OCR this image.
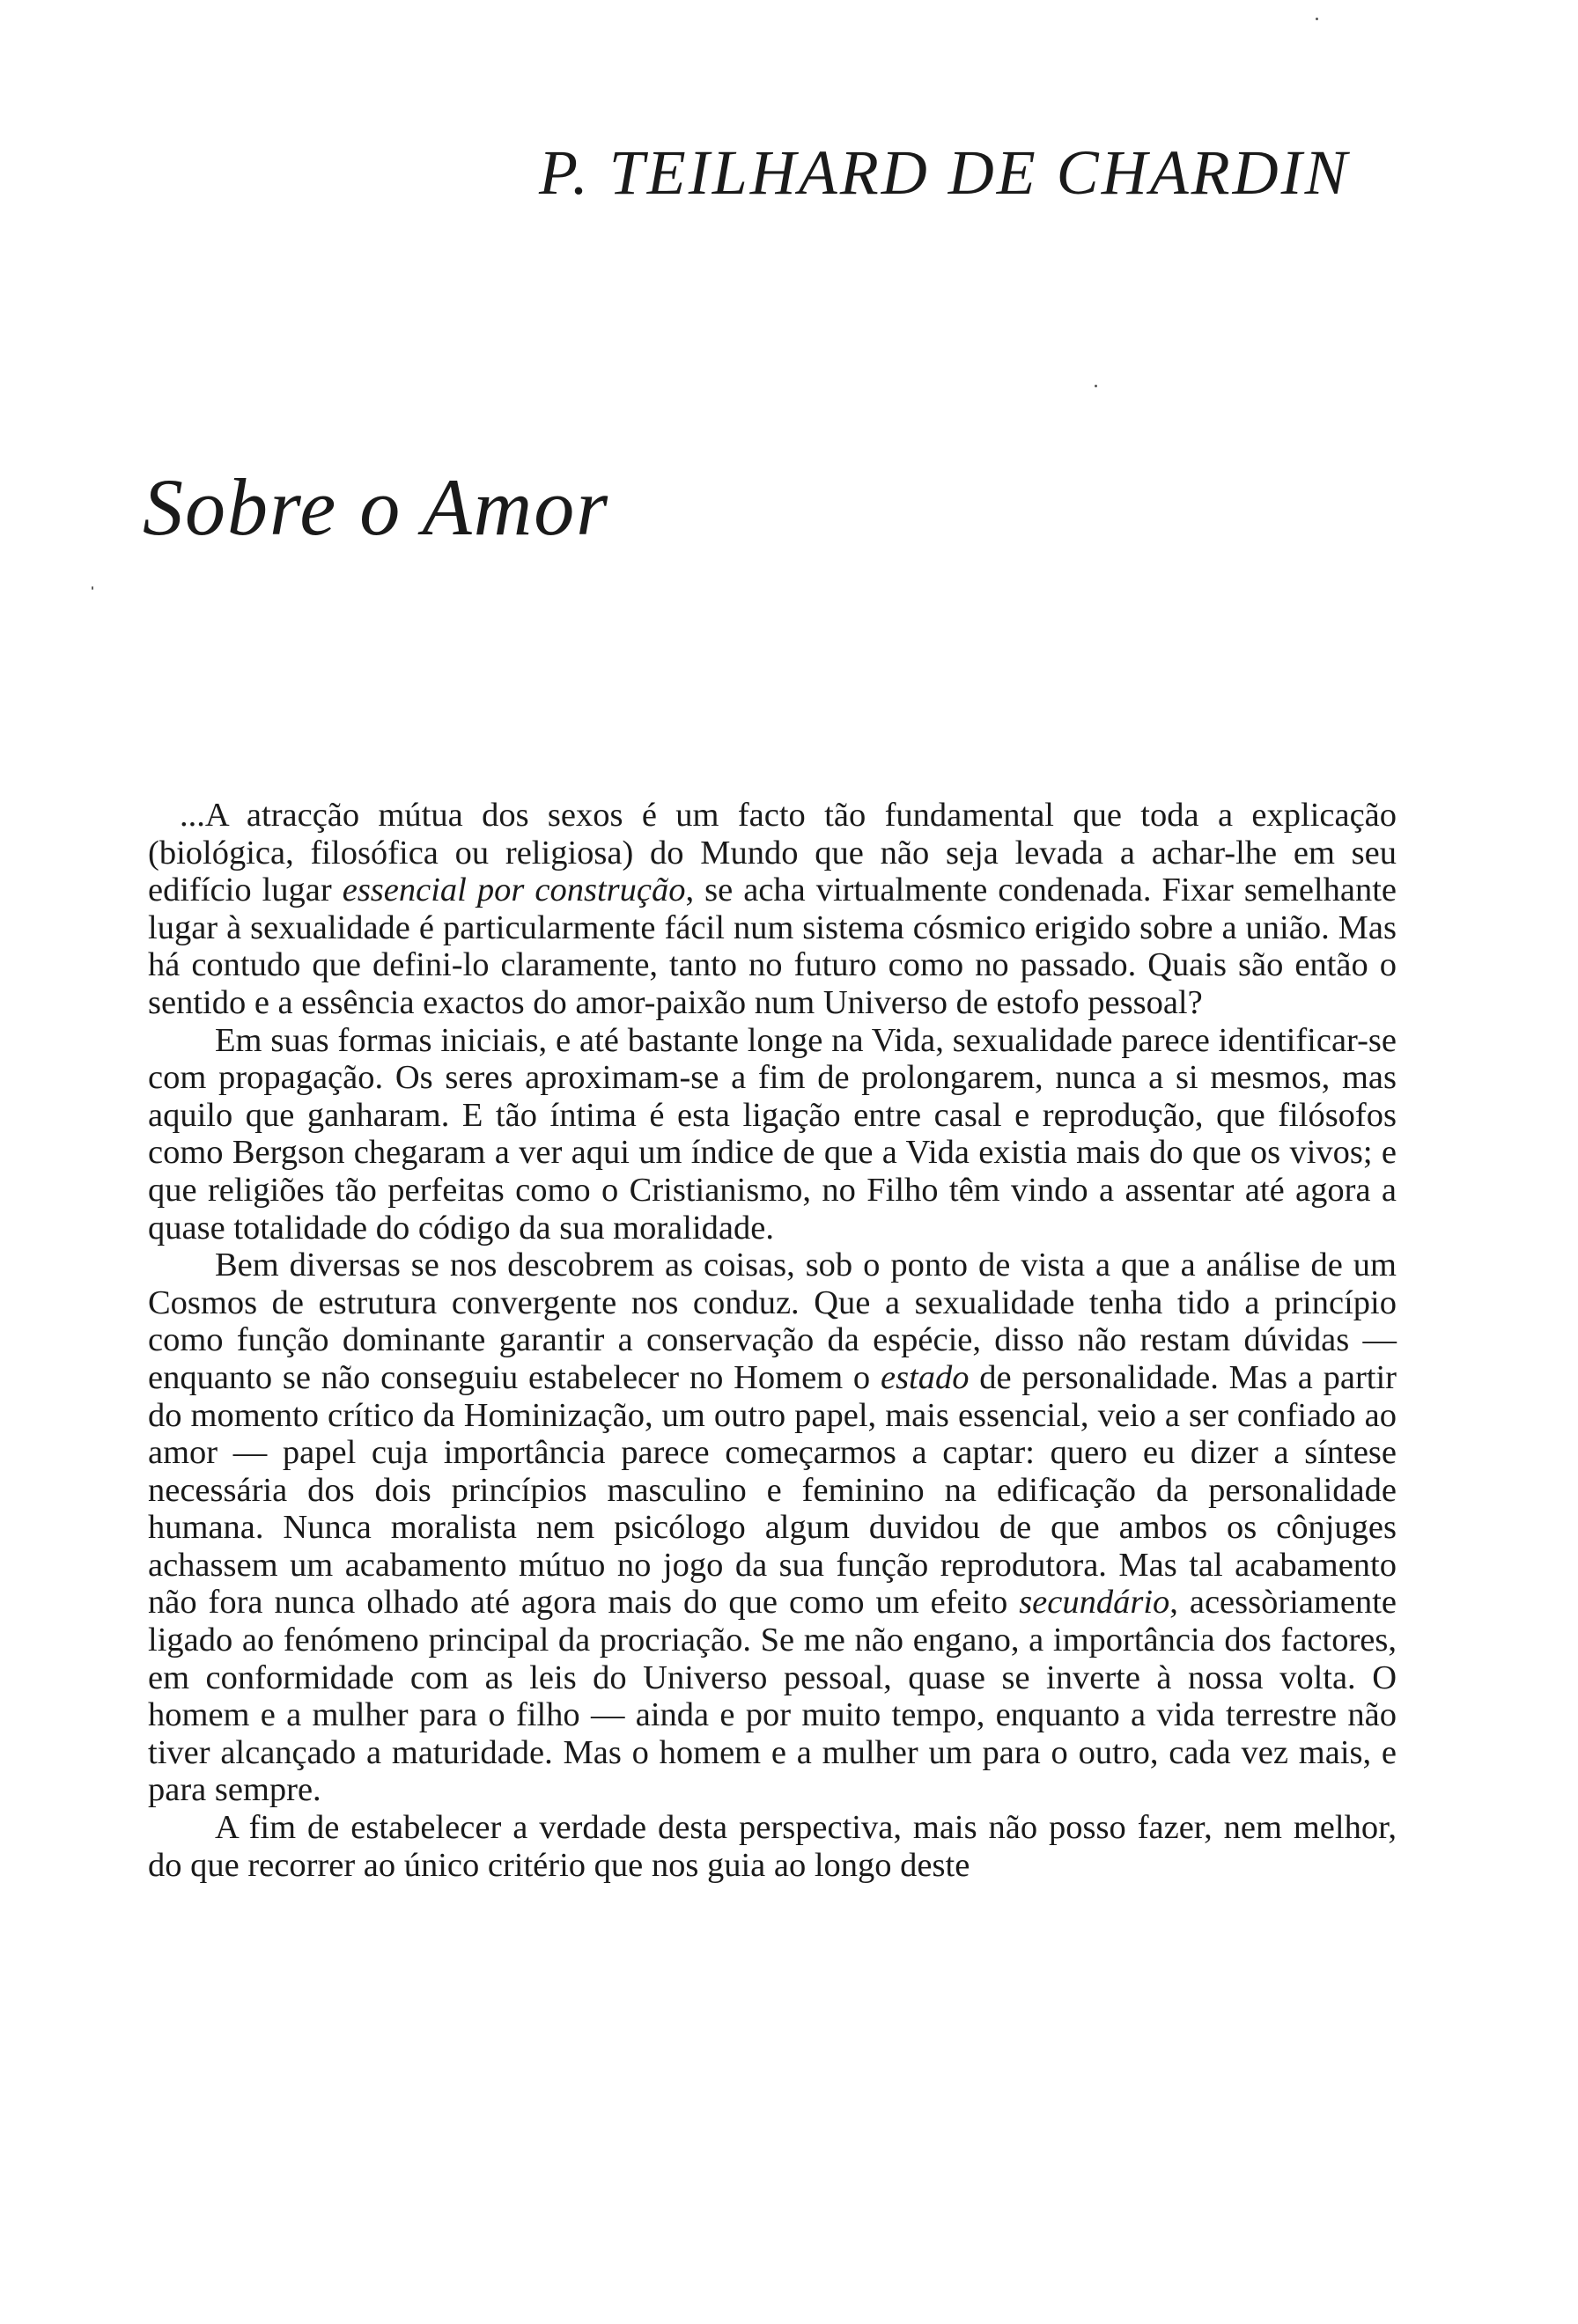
P. TEILHARD DE CHARDIN
Sobre o Amor

...A atracção mútua dos sexos é um facto tão fundamental que toda a explicação (biológica, filosófica ou religiosa) do Mundo que não seja levada a achar-lhe em seu edifício lugar essencial por construção, se acha virtualmente condenada. Fixar semelhante lugar à sexualidade é particularmente fácil num sistema cósmico erigido sobre a união. Mas há contudo que defini-lo claramente, tanto no futuro como no passado. Quais são então o sentido e a essência exactos do amor-paixão num Universo de estofo pessoal?

Em suas formas iniciais, e até bastante longe na Vida, sexualidade parece identificar-se com propagação. Os seres aproximam-se a fim de prolongarem, nunca a si mesmos, mas aquilo que ganharam. E tão íntima é esta ligação entre casal e reprodução, que filósofos como Bergson chegaram a ver aqui um índice de que a Vida existia mais do que os vivos; e que religiões tão perfeitas como o Cristianismo, no Filho têm vindo a assentar até agora a quase totalidade do código da sua moralidade.

Bem diversas se nos descobrem as coisas, sob o ponto de vista a que a análise de um Cosmos de estrutura convergente nos conduz. Que a sexualidade tenha tido a princípio como função dominante garantir a conservação da espécie, disso não restam dúvidas — enquanto se não conseguiu estabelecer no Homem o estado de personalidade. Mas a partir do momento crítico da Hominização, um outro papel, mais essencial, veio a ser confiado ao amor — papel cuja importância parece começarmos a captar: quero eu dizer a síntese necessária dos dois princípios masculino e feminino na edificação da personalidade humana. Nunca moralista nem psicólogo algum duvidou de que ambos os cônjuges achassem um acabamento mútuo no jogo da sua função reprodutora. Mas tal acabamento não fora nunca olhado até agora mais do que como um efeito secundário, acessòriamente ligado ao fenómeno principal da procriação. Se me não engano, a importância dos factores, em conformidade com as leis do Universo pessoal, quase se inverte à nossa volta. O homem e a mulher para o filho — ainda e por muito tempo, enquanto a vida terrestre não tiver alcançado a maturidade. Mas o homem e a mulher um para o outro, cada vez mais, e para sempre.

A fim de estabelecer a verdade desta perspectiva, mais não posso fazer, nem melhor, do que recorrer ao único critério que nos guia ao longo deste
